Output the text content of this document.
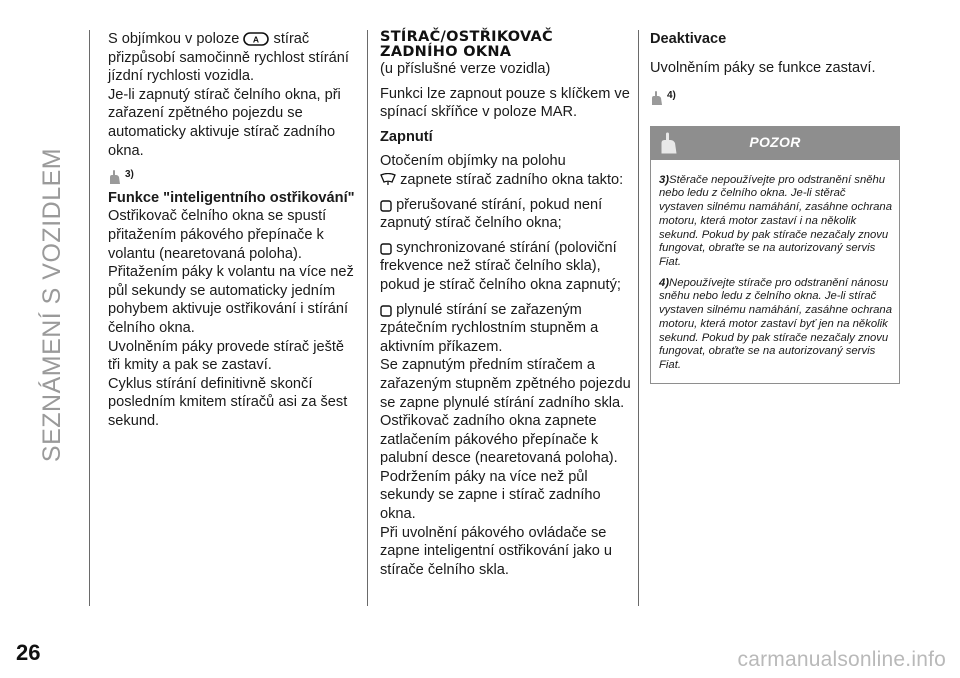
SEZNÁMENÍ S VOZIDLEM
26

S objímkou v poloze A stírač přizpůsobí samočinně rychlost stírání jízdní rychlosti vozidla.

Je-li zapnutý stírač čelního okna, při zařazení zpětného pojezdu se automaticky aktivuje stírač zadního okna.

3)

Funkce "inteligentního ostřikování"

Ostřikovač čelního okna se spustí přitažením pákového přepínače k volantu (nearetovaná poloha).

Přitažením páky k volantu na více než půl sekundy se automaticky jedním pohybem aktivuje ostřikování i stírání čelního okna.

Uvolněním páky provede stírač ještě tři kmity a pak se zastaví.

Cyklus stírání definitivně skončí posledním kmitem stíračů asi za šest sekund.

STÍRAČ/OSTŘIKOVAČ ZADNÍHO OKNA

(u příslušné verze vozidla)

Funkci lze zapnout pouze s klíčkem ve spínací skříňce v poloze MAR.

Zapnutí

Otočením objímky na polohu
zapnete stírač zadního okna takto:

přerušované stírání, pokud není zapnutý stírač čelního okna;

synchronizované stírání (poloviční frekvence než stírač čelního skla), pokud je stírač čelního okna zapnutý;

plynulé stírání se zařazeným zpátečním rychlostním stupněm a aktivním příkazem.

Se zapnutým předním stíračem a zařazeným stupněm zpětného pojezdu se zapne plynulé stírání zadního skla.

Ostřikovač zadního okna zapnete zatlačením pákového přepínače k palubní desce (nearetovaná poloha).

Podržením páky na více než půl sekundy se zapne i stírač zadního okna.

Při uvolnění pákového ovládače se zapne inteligentní ostřikování jako u stírače čelního skla.

Deaktivace

Uvolněním páky se funkce zastaví.

4)
POZOR
3)Stěrače nepoužívejte pro odstranění sněhu nebo ledu z čelního okna. Je-li stěrač vystaven silnému namáhání, zasáhne ochrana motoru, která motor zastaví i na několik sekund. Pokud by pak stírače nezačaly znovu fungovat, obraťte se na autorizovaný servis Fiat.
4)Nepoužívejte stírače pro odstranění nánosu sněhu nebo ledu z čelního okna. Je-li stírač vystaven silnému namáhání, zasáhne ochrana motoru, která motor zastaví byť jen na několik sekund. Pokud by pak stírače nezačaly znovu fungovat, obraťte se na autorizovaný servis Fiat.
carmanualsonline.info
